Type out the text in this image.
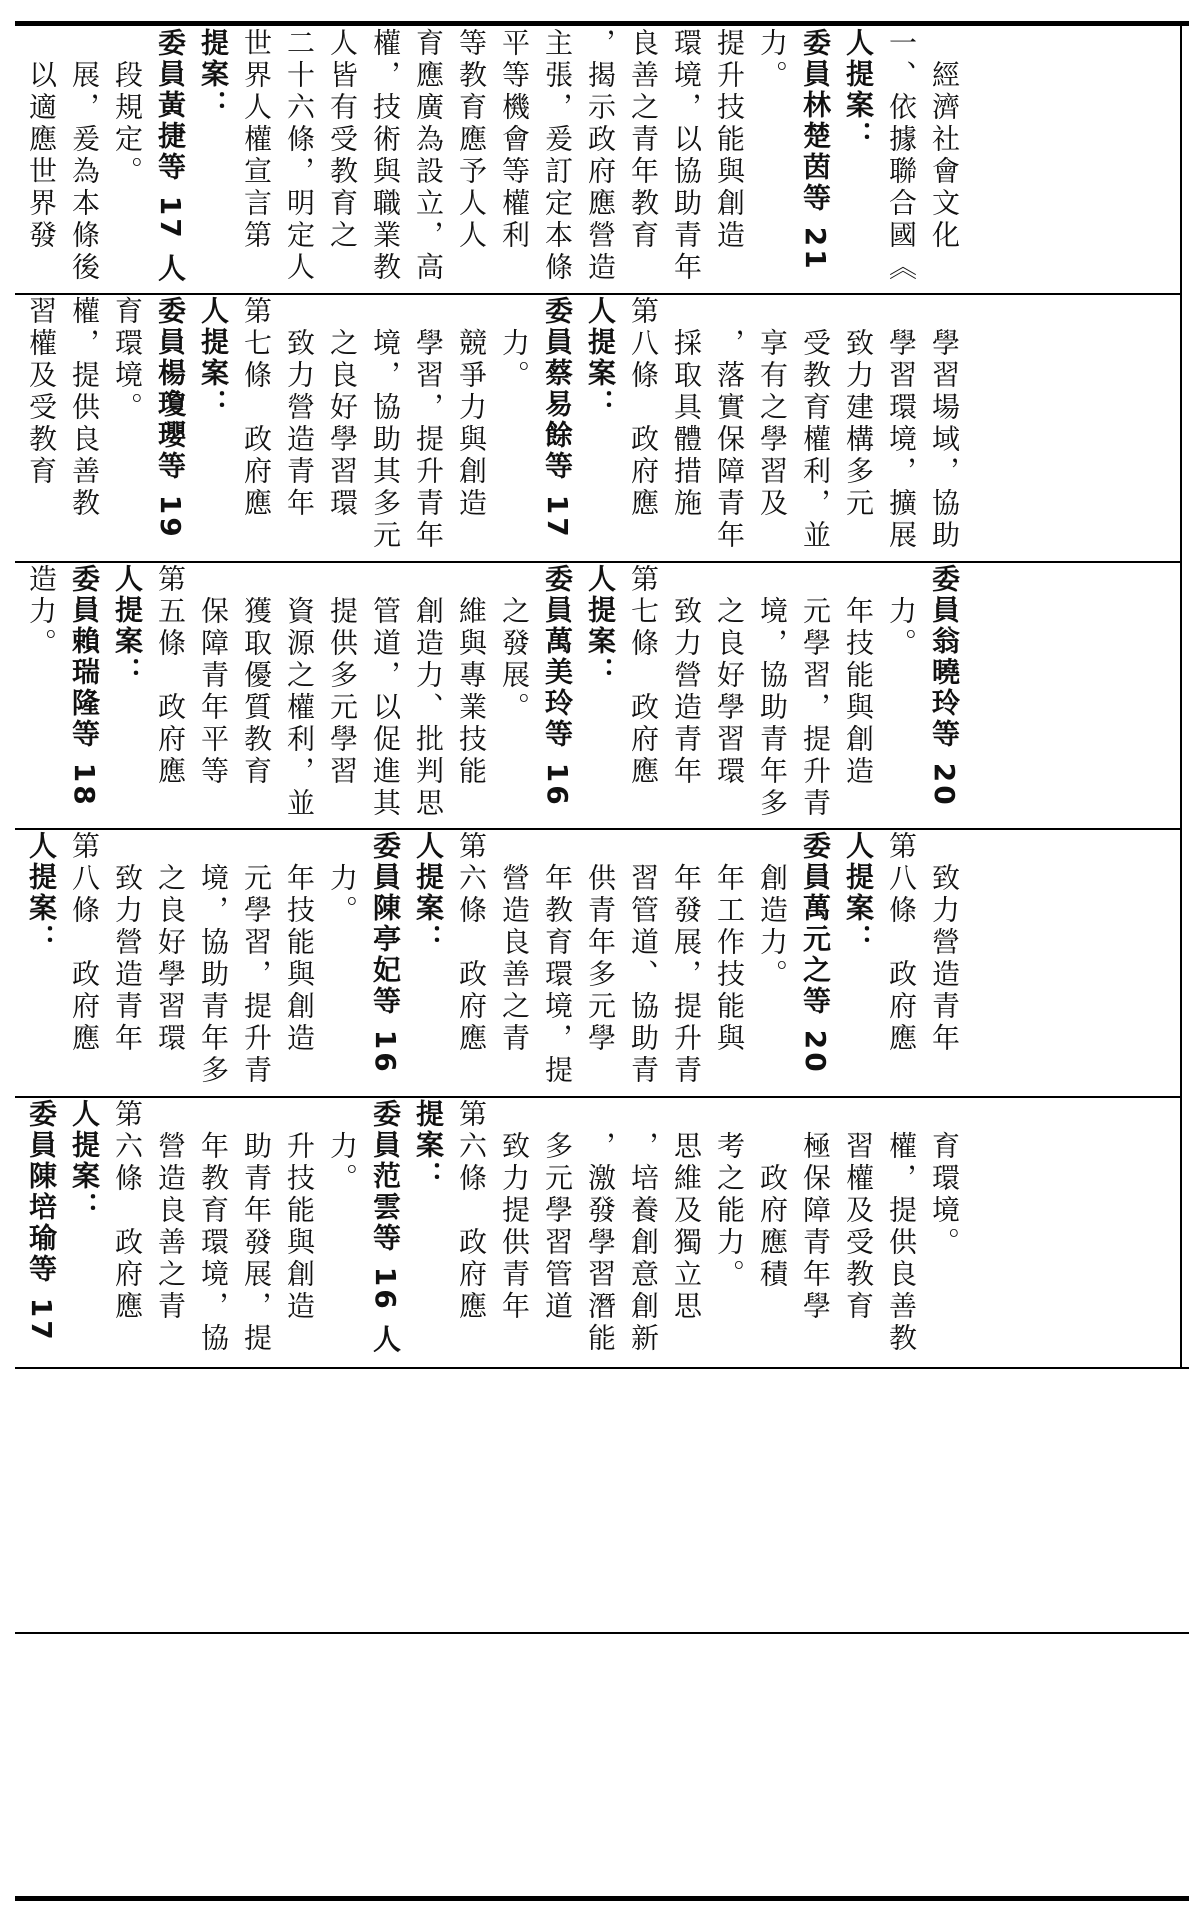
習權及受教育 權，提供良善教 育環境。 委員楊瓊瓔等 19 人提案： 第七條　政府應 　致力營造青年 　之良好學習環 　境，協助其多元 　學習，提升青年 　競爭力與創造 　力。 委員蔡易餘等 17 人提案： 第八條　政府應 　採取具體措施 　，落實保障青年 　享有之學習及 　受教育權利，並 　致力建構多元 　學習環境，擴展 　學習場域，協助
造力。 委員賴瑞隆等 18 人提案： 第五條　政府應 　保障青年平等 　獲取優質教育 　資源之權利，並 　提供多元學習 　管道，以促進其 　創造力、批判思 　維與專業技能 　之發展。 委員萬美玲等 16 人提案： 第七條　政府應 　致力營造青年 　之良好學習環 　境，協助青年多 　元學習，提升青 　年技能與創造 　力。 委員翁曉玲等 20
人提案： 第八條　政府應 　致力營造青年 　之良好學習環 　境，協助青年多 　元學習，提升青 　年技能與創造 　力。 委員陳亭妃等 16 人提案： 第六條　政府應 　營造良善之青 　年教育環境，提 　供青年多元學 　習管道、協助青 　年發展，提升青 　年工作技能與 　創造力。 委員萬元之等 20 人提案： 第八條　政府應 　致力營造青年
委員陳培瑜等 17 人提案： 第六條　政府應 　營造良善之青 　年教育環境，協 　助青年發展，提 　升技能與創造 　力。 委員范雲等 16 人 提案： 第六條　政府應 　致力提供青年 　多元學習管道 　，激發學習潛能 　，培養創意創新 　思維及獨立思 　考之能力。 　　政府應積 　極保障青年學 　習權及受教育 　權，提供良善教 　育環境。
　以適應世界發 　展，爰為本條後 　段規定。 委員黃捷等 17 人 提案： 世界人權宣言第 二十六條，明定人 人皆有受教育之 權，技術與職業教 育應廣為設立，高 等教育應予人人 平等機會等權利 主張，爰訂定本條 ，揭示政府應營造 良善之青年教育 環境，以協助青年 提升技能與創造 力。 委員林楚茵等 21 人提案： 一、依據聯合國《 　經濟社會文化
